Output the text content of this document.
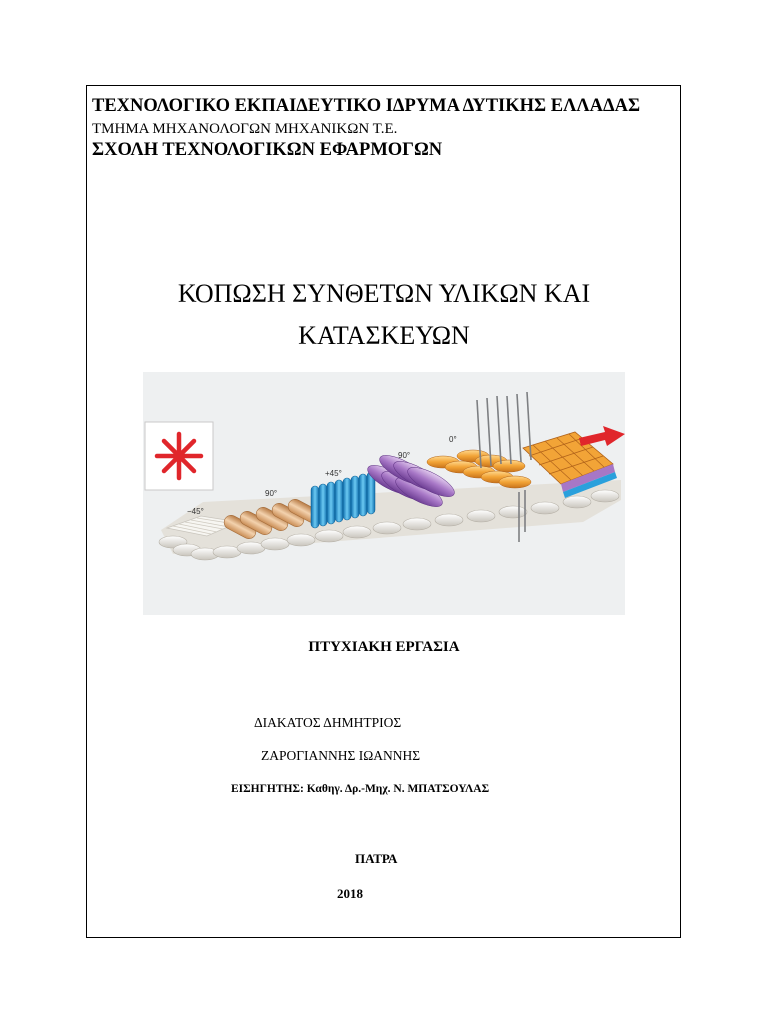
ΤΕΧΝΟΛΟΓΙΚΟ ΕΚΠΑΙΔΕΥΤΙΚΟ ΙΔΡΥΜΑ ΔΥΤΙΚΗΣ ΕΛΛΑΔΑΣ
ΤΜΗΜΑ ΜΗΧΑΝΟΛΟΓΩΝ ΜΗΧΑΝΙΚΩΝ Τ.Ε.
ΣΧΟΛΗ ΤΕΧΝΟΛΟΓΙΚΩΝ ΕΦΑΡΜΟΓΩΝ
ΚΟΠΩΣΗ ΣΥΝΘΕΤΩΝ ΥΛΙΚΩΝ ΚΑΙ
ΚΑΤΑΣΚΕΥΩΝ
−45°
90°
+45°
90°
0°
ΠΤΥΧΙΑΚΗ ΕΡΓΑΣΙΑ
ΔΙΑΚΑΤΟΣ ΔΗΜΗΤΡΙΟΣ
ΖΑΡΟΓΙΑΝΝΗΣ ΙΩΑΝΝΗΣ
ΕΙΣΗΓΗΤΗΣ: Καθηγ. Δρ.-Μηχ. Ν. ΜΠΑΤΣΟΥΛΑΣ
ΠΑΤΡΑ
2018
